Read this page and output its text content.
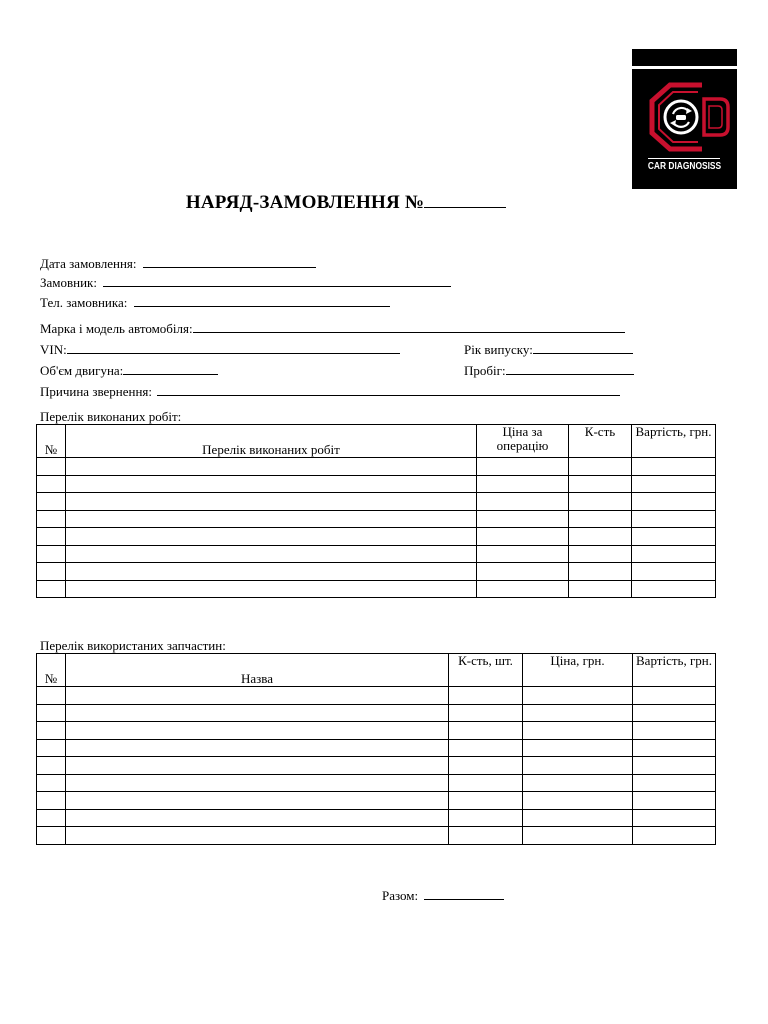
CAR DIAGNOSISS
НАРЯД-ЗАМОВЛЕННЯ №
Дата замовлення:
Замовник:
Тел. замовника:
Марка і модель автомобіля:
VIN:	Рік випуску:
Об'єм двигуна:	Пробіг:
Причина звернення:
Перелік виконаних робіт:
№	Перелік виконаних робіт	Ціна за операцію	К-сть	Вартість, грн.

Перелік використаних запчастин:
№	Назва	К-сть, шт.	Ціна, грн.	Вартість, грн.

Разом:
